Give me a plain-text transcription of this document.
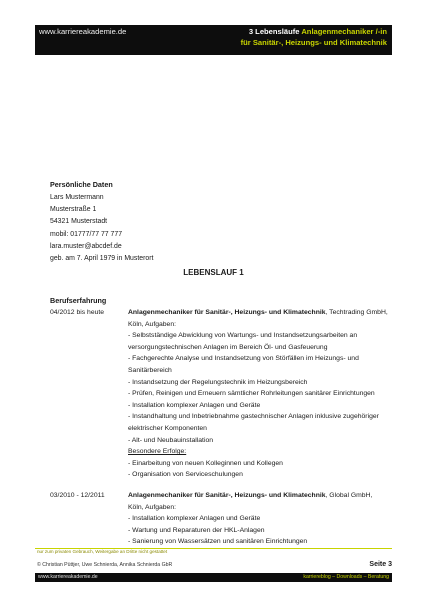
www.karriereakademie.de	3 Lebensläufe Anlagenmechaniker /-in
für Sanitär-, Heizungs- und Klimatechnik
Persönliche Daten
Lars Mustermann
Musterstraße 1
54321 Musterstadt
mobil: 01777/77 77 777
lara.muster@abcdef.de
geb. am 7. April 1979 in Musterort
LEBENSLAUF 1
Berufserfahrung
04/2012 bis heute	Anlagenmechaniker für Sanitär-, Heizungs- und Klimatechnik, Techtrading GmbH, Köln, Aufgaben:
- Selbstständige Abwicklung von Wartungs- und Instandsetzungsarbeiten an versorgungstechnischen Anlagen im Bereich Öl- und Gasfeuerung
- Fachgerechte Analyse und Instandsetzung von Störfällen im Heizungs- und Sanitärbereich
- Instandsetzung der Regelungstechnik im Heizungsbereich
- Prüfen, Reinigen und Erneuern sämtlicher Rohrleitungen sanitärer Einrichtungen
- Installation komplexer Anlagen und Geräte
- Instandhaltung und Inbetriebnahme gastechnischer Anlagen inklusive zugehöriger elektrischer Komponenten
- Alt- und Neubauinstallation
Besondere Erfolge:
- Einarbeitung von neuen Kolleginnen und Kollegen
- Organisation von Serviceschulungen
03/2010 - 12/2011	Anlagenmechaniker für Sanitär-, Heizungs- und Klimatechnik, Global GmbH, Köln, Aufgaben:
- Installation komplexer Anlagen und Geräte
- Wartung und Reparaturen der HKL-Anlagen
- Sanierung von Wassersätzen und sanitären Einrichtungen
nur zum privaten Gebrauch, Weitergabe an Dritte nicht gestattet
© Christian Püttjer, Uwe Schnierda, Annika Schnierda GbR	Seite 3
www.karriereakademie.de	karriereblog – Downloads – Beratung
